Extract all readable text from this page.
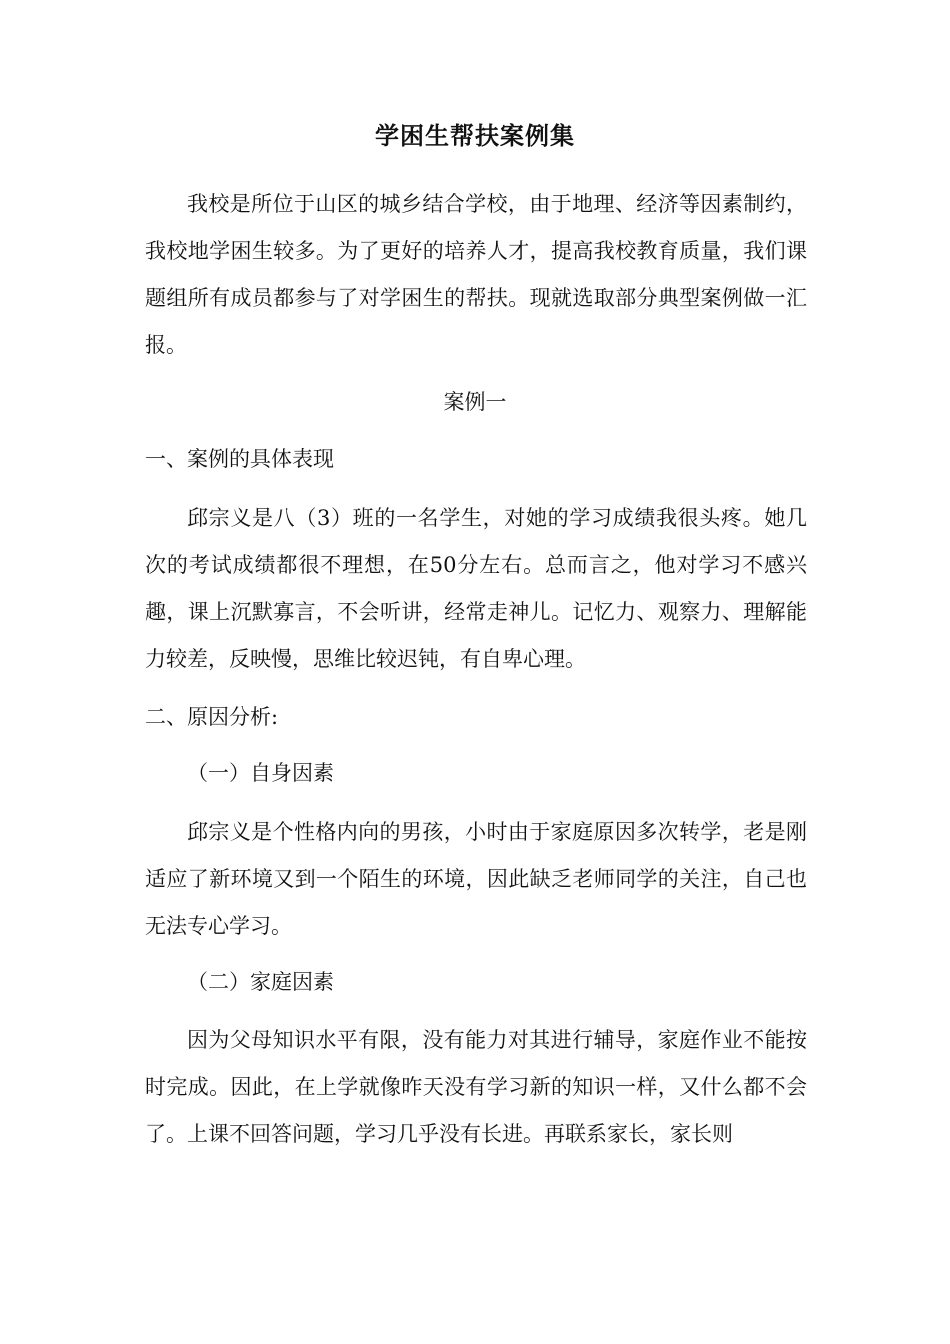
学困生帮扶案例集

我校是所位于山区的城乡结合学校，由于地理、经济等因素制约，我校地学困生较多。为了更好的培养人才，提高我校教育质量，我们课题组所有成员都参与了对学困生的帮扶。现就选取部分典型案例做一汇报。

案例一
一、案例的具体表现

邱宗义是八（3）班的一名学生，对她的学习成绩我很头疼。她几次的考试成绩都很不理想，在50分左右。总而言之，他对学习不感兴趣，课上沉默寡言，不会听讲，经常走神儿。记忆力、观察力、理解能力较差，反映慢，思维比较迟钝，有自卑心理。

二、原因分析:
（一）自身因素

邱宗义是个性格内向的男孩，小时由于家庭原因多次转学，老是刚适应了新环境又到一个陌生的环境，因此缺乏老师同学的关注，自己也无法专心学习。

（二）家庭因素

因为父母知识水平有限，没有能力对其进行辅导，家庭作业不能按时完成。因此，在上学就像昨天没有学习新的知识一样，又什么都不会了。上课不回答问题，学习几乎没有长进。再联系家长，家长则
